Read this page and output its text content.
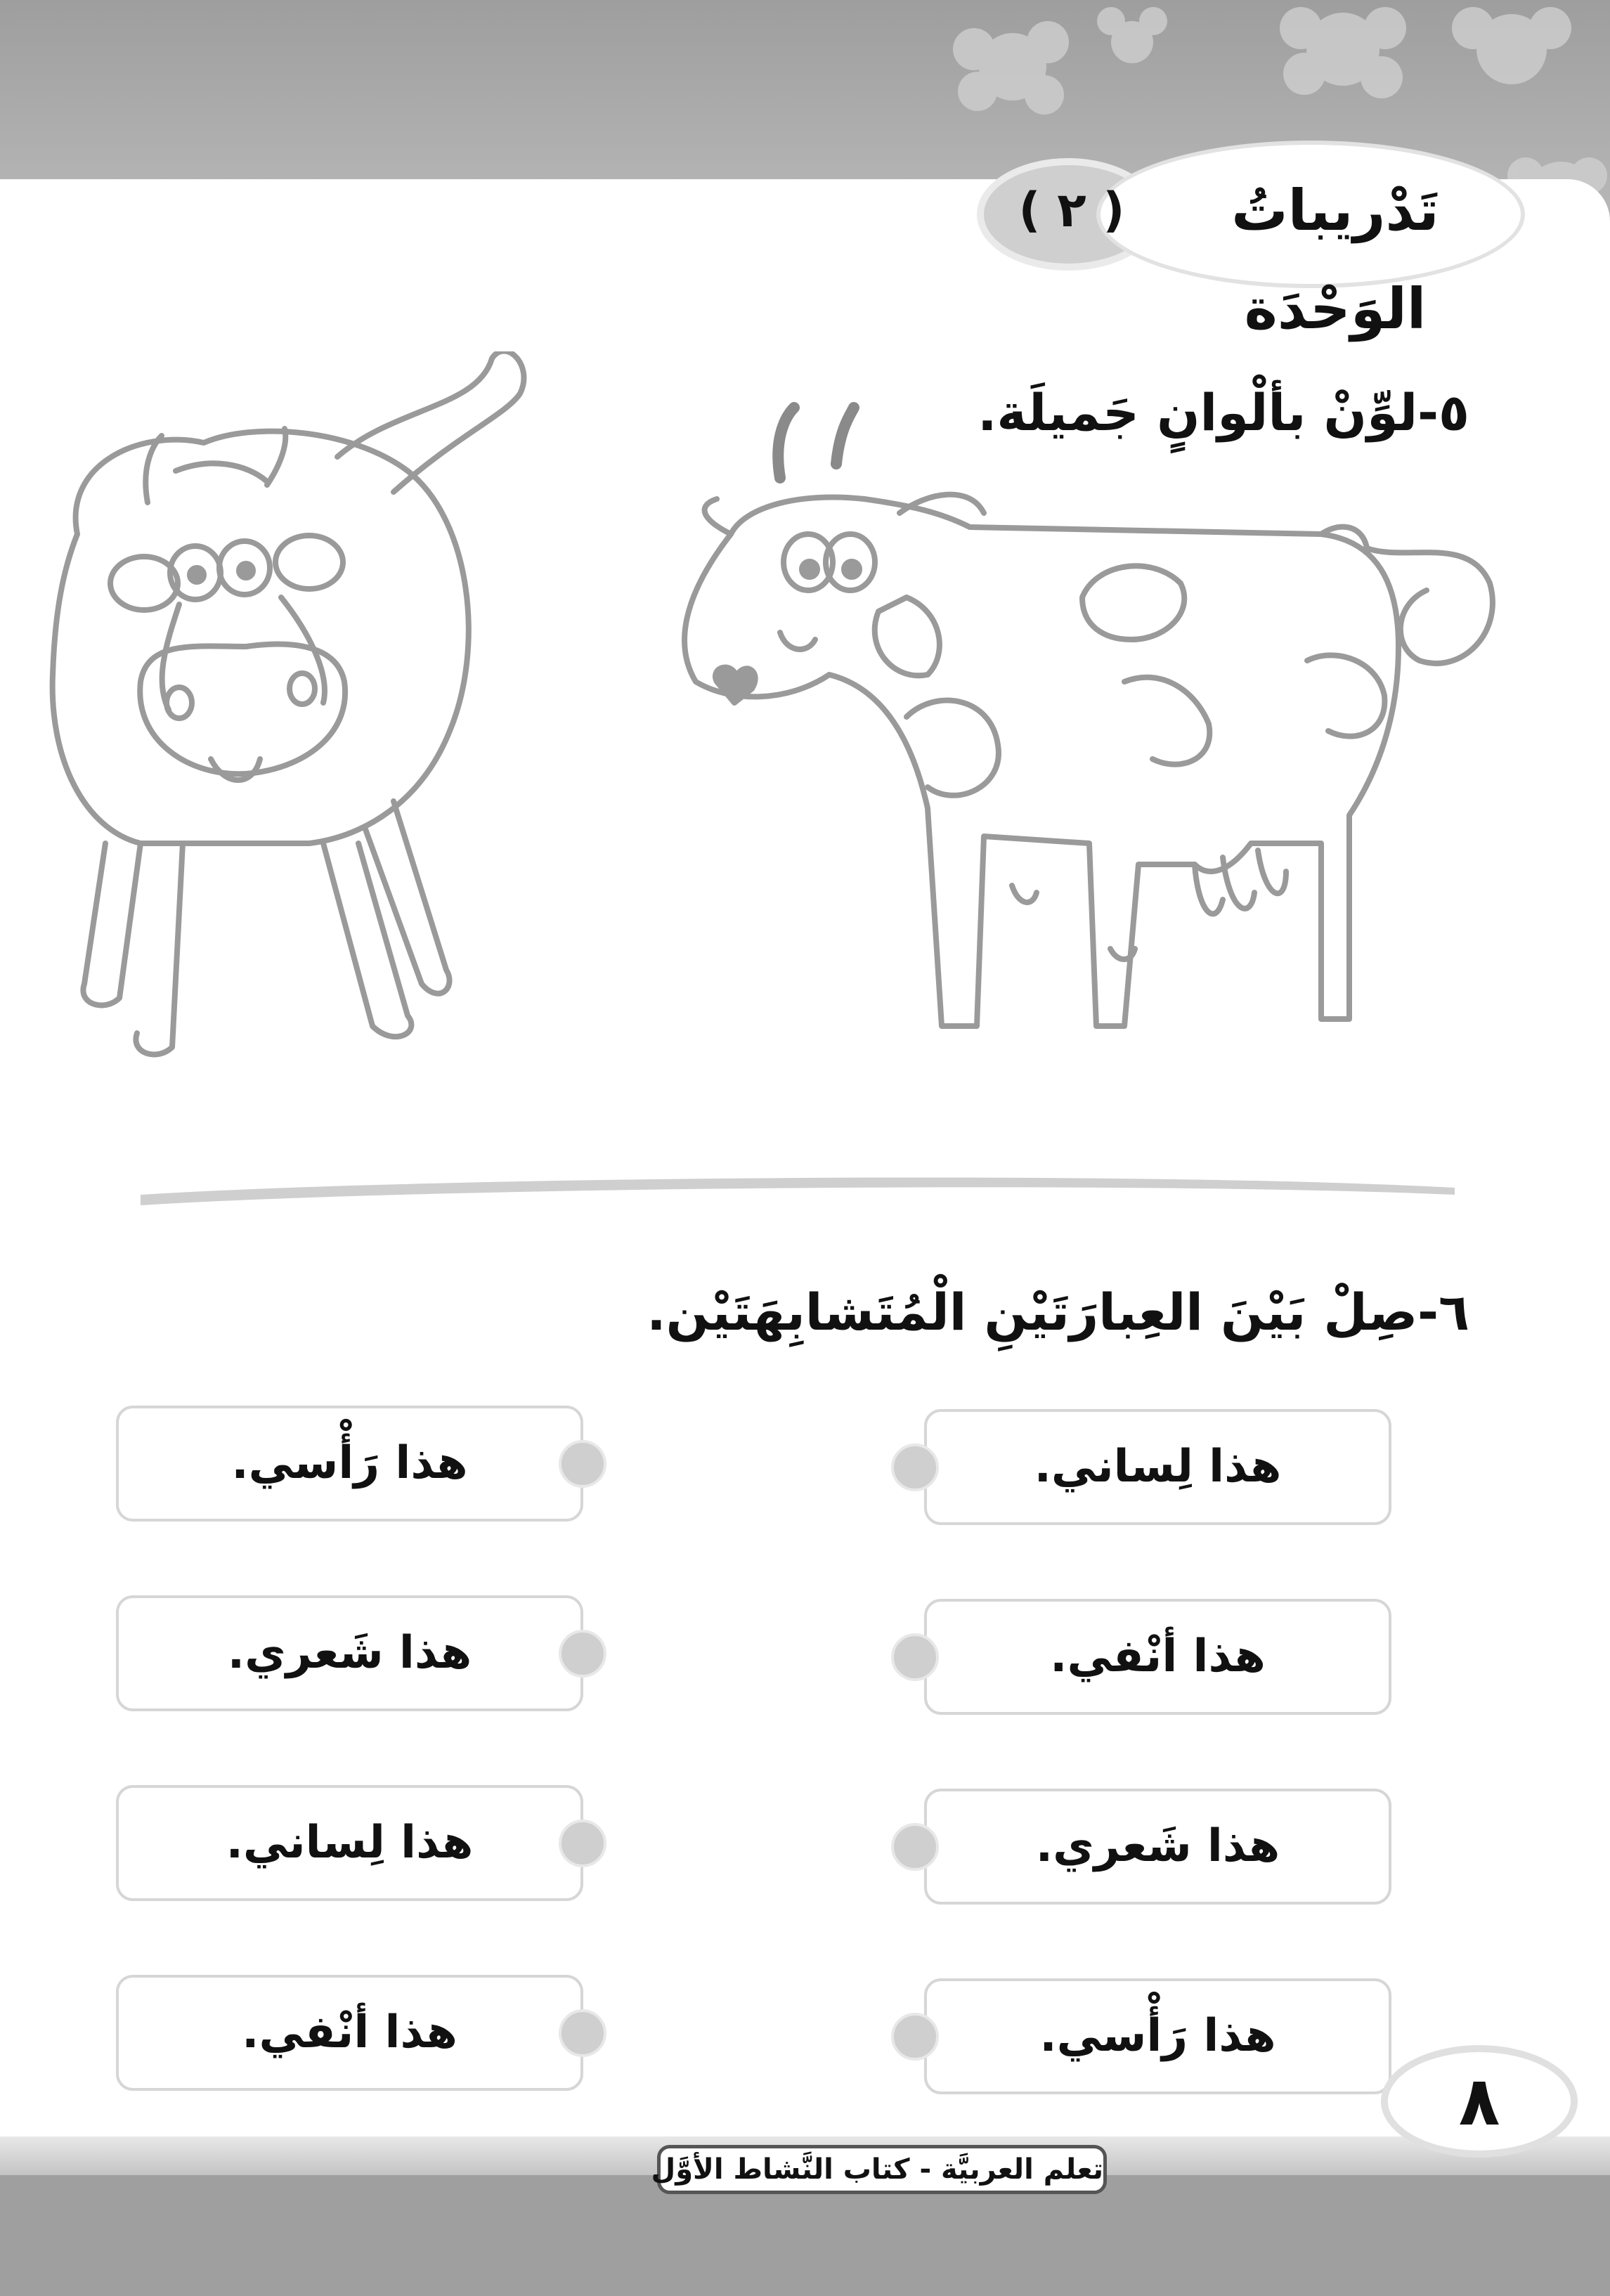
تَدْريباتُ الوَحْدَة
( ٢ )
٥-لوِّنْ بألْوانٍ جَميلَة.
٦-صِلْ بَيْنَ العِبارَتَيْنِ الْمُتَشابِهَتَيْن.
هذا لِساني.
هذا أنْفي.
هذا شَعري.
هذا رَأْسي.
هذا رَأْسي.
هذا شَعري.
هذا لِساني.
هذا أنْفي.
تعلم العربيَّة - كتاب النَّشاط الأوَّل
٨
